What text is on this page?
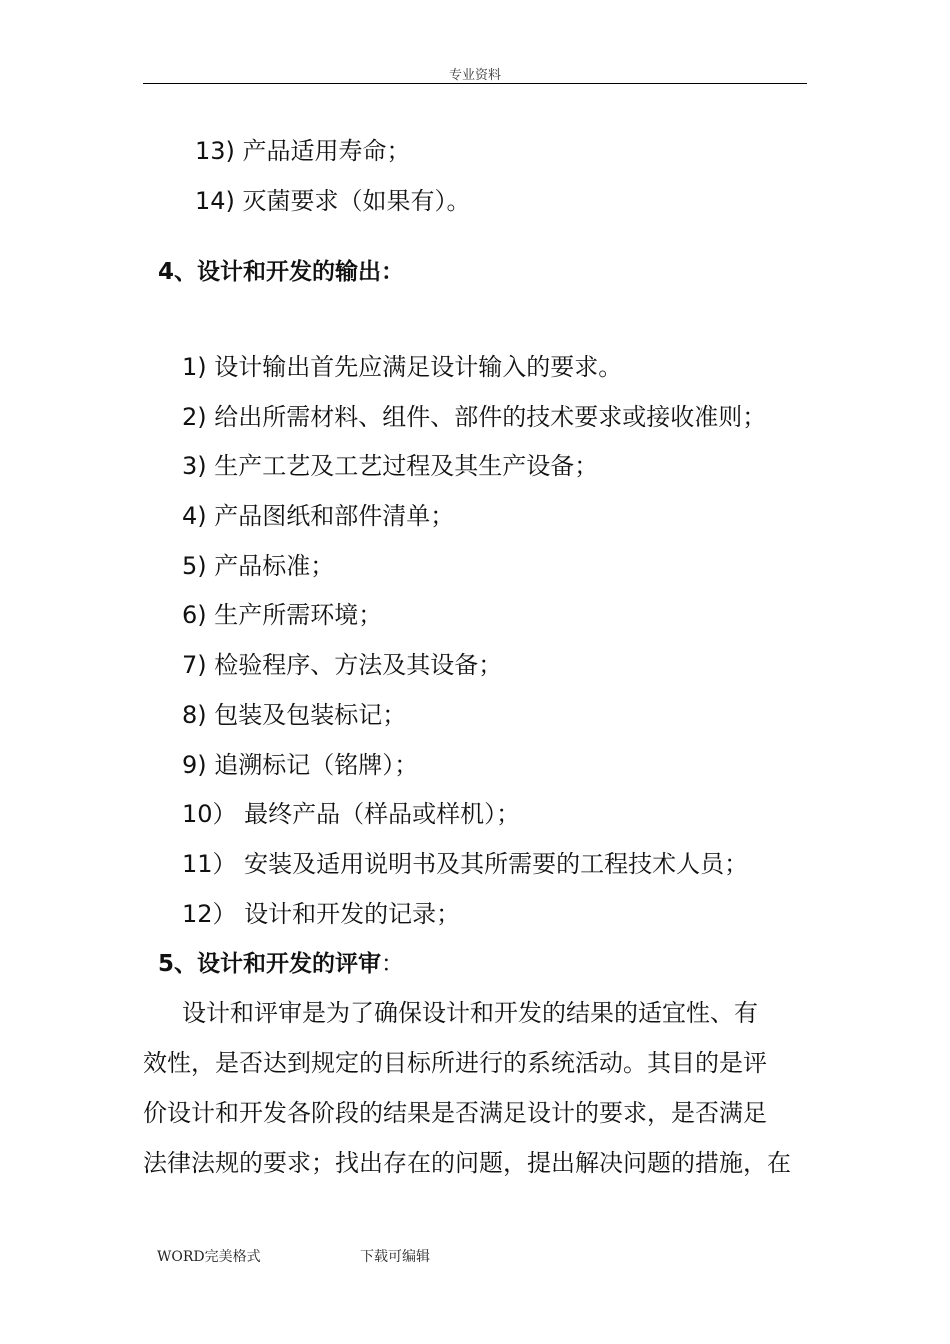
专业资料
13) 产品适用寿命；
14) 灭菌要求（如果有）。
4、设计和开发的输出：
1) 设计输出首先应满足设计输入的要求。
2) 给出所需材料、组件、部件的技术要求或接收准则；
3) 生产工艺及工艺过程及其生产设备；
4) 产品图纸和部件清单；
5) 产品标准；
6) 生产所需环境；
7) 检验程序、方法及其设备；
8) 包装及包装标记；
9) 追溯标记（铭牌）；
10） 最终产品（样品或样机）；
11） 安装及适用说明书及其所需要的工程技术人员；
12） 设计和开发的记录；
5、设计和开发的评审：
设计和评审是为了确保设计和开发的结果的适宜性、有
效性，是否达到规定的目标所进行的系统活动。其目的是评
价设计和开发各阶段的结果是否满足设计的要求，是否满足
法律法规的要求；找出存在的问题，提出解决问题的措施，在
WORD完美格式	下载可编辑
